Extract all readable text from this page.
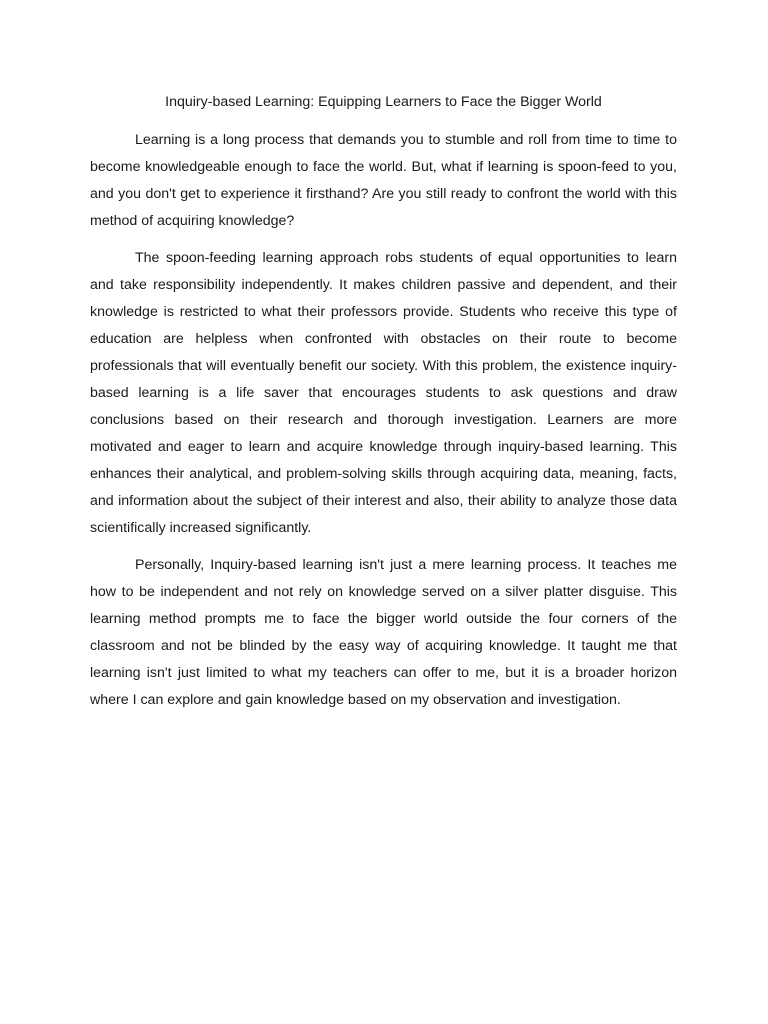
Inquiry-based Learning: Equipping Learners to Face the Bigger World

Learning is a long process that demands you to stumble and roll from time to time to become knowledgeable enough to face the world. But, what if learning is spoon-feed to you, and you don't get to experience it firsthand? Are you still ready to confront the world with this method of acquiring knowledge?

The spoon-feeding learning approach robs students of equal opportunities to learn and take responsibility independently. It makes children passive and dependent, and their knowledge is restricted to what their professors provide. Students who receive this type of education are helpless when confronted with obstacles on their route to become professionals that will eventually benefit our society. With this problem, the existence inquiry-based learning is a life saver that encourages students to ask questions and draw conclusions based on their research and thorough investigation. Learners are more motivated and eager to learn and acquire knowledge through inquiry-based learning. This enhances their analytical, and problem-solving skills through acquiring data, meaning, facts, and information about the subject of their interest and also, their ability to analyze those data scientifically increased significantly.

Personally, Inquiry-based learning isn't just a mere learning process. It teaches me how to be independent and not rely on knowledge served on a silver platter disguise. This learning method prompts me to face the bigger world outside the four corners of the classroom and not be blinded by the easy way of acquiring knowledge. It taught me that learning isn't just limited to what my teachers can offer to me, but it is a broader horizon where I can explore and gain knowledge based on my observation and investigation.
